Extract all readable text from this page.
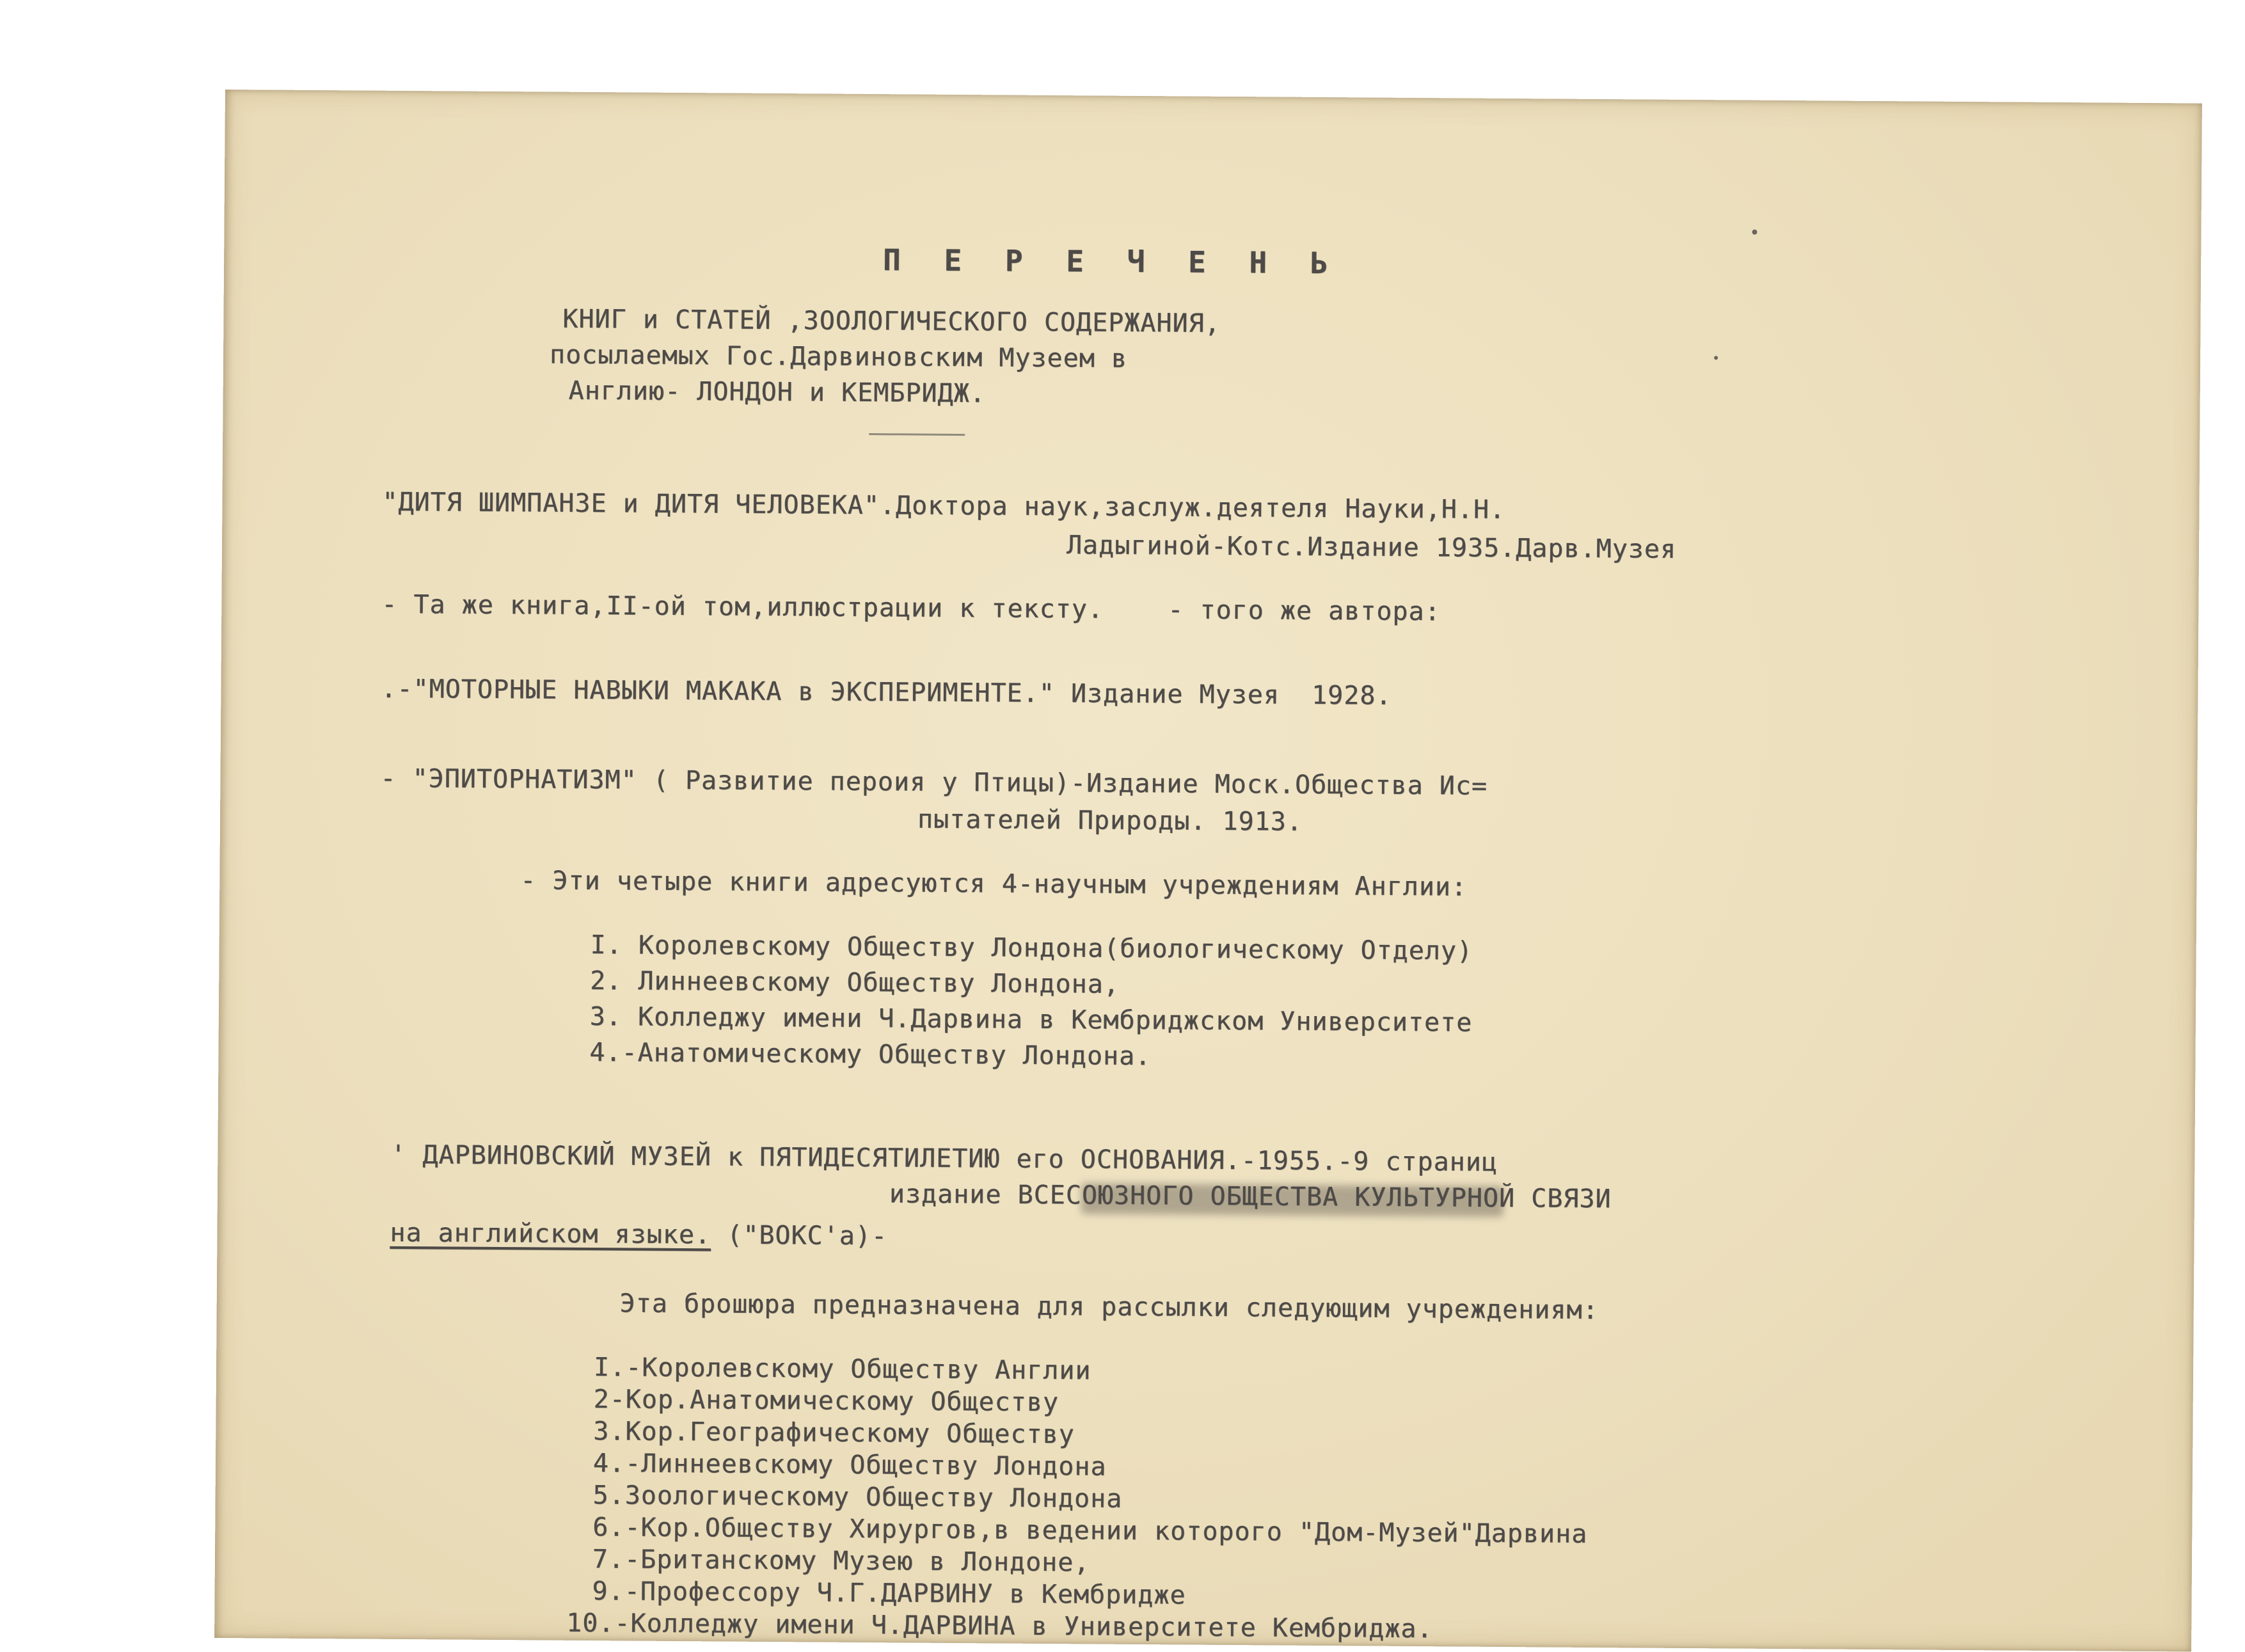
П Е Р Е Ч Е Н Ь
КНИГ и СТАТЕЙ ,ЗООЛОГИЧЕСКОГО СОДЕРЖАНИЯ,
посылаемых Гос.Дарвиновским Музеем в
Англию- ЛОНДОН и КЕМБРИДЖ.
"ДИТЯ ШИМПАНЗЕ и ДИТЯ ЧЕЛОВЕКА".Доктора наук,заслуж.деятеля Науки,Н.Н.
Ладыгиной-Котс.Издание 1935.Дарв.Музея
- Та же книга,II-ой том,иллюстрации к тексту.    - того же автора:
.-"МОТОРНЫЕ НАВЫКИ МАКАКА в ЭКСПЕРИМЕНТЕ." Издание Музея  1928.
- "ЭПИТОРНАТИЗМ" ( Развитие пероия у Птицы)-Издание Моск.Общества Ис=
пытателей Природы. 1913.
- Эти четыре книги адресуются 4-научным учреждениям Англии:
I. Королевскому Обществу Лондона(биологическому Отделу)
2. Линнеевскому Обществу Лондона,
3. Колледжу имени Ч.Дарвина в Кембриджском Университете
4.-Анатомическому Обществу Лондона.
' ДАРВИНОВСКИЙ МУЗЕЙ к ПЯТИДЕСЯТИЛЕТИЮ его ОСНОВАНИЯ.-1955.-9 страниц
издание ВСЕСОЮЗНОГО ОБЩЕСТВА КУЛЬТУРНОЙ СВЯЗИ
на английском языке. ("ВОКС'а)-
Эта брошюра предназначена для рассылки следующим учреждениям:
I.-Королевскому Обществу Англии
2-Кор.Анатомическому Обществу
3.Кор.Географическому Обществу
4.-Линнеевскому Обществу Лондона
5.Зоологическому Обществу Лондона
6.-Кор.Обществу Хирургов,в ведении которого "Дом-Музей"Дарвина
7.-Британскому Музею в Лондоне,
9.-Профессору Ч.Г.ДАРВИНУ в Кембридже
10.-Колледжу имени Ч.ДАРВИНА в Университете Кембриджа.
